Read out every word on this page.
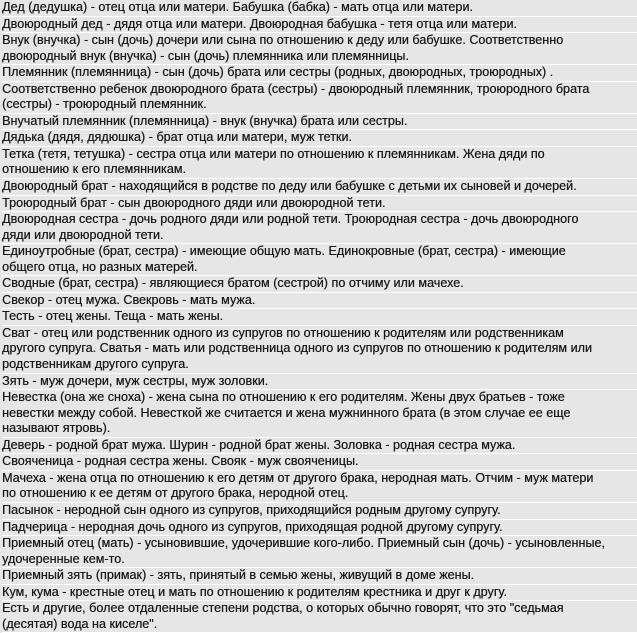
Дед (дедушка) - отец отца или матери. Бабушка (бабка) - мать отца или матери.
Двоюродный дед - дядя отца или матери. Двоюродная бабушка - тетя отца или матери.
Внук (внучка) - сын (дочь) дочери или сына по отношению к деду или бабушке. Соответственно
двоюродный внук (внучка) - сын (дочь) племянника или племянницы.
Племянник (племянница) - сын (дочь) брата или сестры (родных, двоюродных, троюродных) .
Соответственно ребенок двоюродного брата (сестры) - двоюродный племянник, троюродного брата
(сестры) - троюродный племянник.
Внучатый племянник (племянница) - внук (внучка) брата или сестры.
Дядька (дядя, дядюшка) - брат отца или матери, муж тетки.
Тетка (тетя, тетушка) - сестра отца или матери по отношению к племянникам. Жена дяди по
отношению к его племянникам.
Двоюродный брат - находящийся в родстве по деду или бабушке с детьми их сыновей и дочерей.
Троюродный брат - сын двоюродного дяди или двоюродной тети.
Двоюродная сестра - дочь родного дяди или родной тети. Троюродная сестра - дочь двоюродного
дяди или двоюродной тети.
Единоутробные (брат, сестра) - имеющие общую мать. Единокровные (брат, сестра) - имеющие
общего отца, но разных матерей.
Сводные (брат, сестра) - являющиеся братом (сестрой) по отчиму или мачехе.
Свекор - отец мужа. Свекровь - мать мужа.
Тесть - отец жены. Теща - мать жены.
Сват - отец или родственник одного из супругов по отношению к родителям или родственникам
другого супруга. Сватья - мать или родственница одного из супругов по отношению к родителям или
родственникам другого супруга.
Зять - муж дочери, муж сестры, муж золовки.
Невестка (она же сноха) - жена сына по отношению к его родителям. Жены двух братьев - тоже
невестки между собой. Невесткой же считается и жена мужнинного брата (в этом случае ее еще
называют ятровь).
Деверь - родной брат мужа. Шурин - родной брат жены. Золовка - родная сестра мужа.
Свояченица - родная сестра жены. Свояк - муж свояченицы.
Мачеха - жена отца по отношению к его детям от другого брака, неродная мать. Отчим - муж матери
по отношению к ее детям от другого брака, неродной отец.
Пасынок - неродной сын одного из супругов, приходящийся родным другому супругу.
Падчерица - неродная дочь одного из супругов, приходящая родной другому супругу.
Приемный отец (мать) - усыновившие, удочерившие кого-либо. Приемный сын (дочь) - усыновленные,
удочеренные кем-то.
Приемный зять (примак) - зять, принятый в семью жены, живущий в доме жены.
Кум, кума - крестные отец и мать по отношению к родителям крестника и друг к другу.
Есть и другие, более отдаленные степени родства, о которых обычно говорят, что это "седьмая
(десятая) вода на киселе".
